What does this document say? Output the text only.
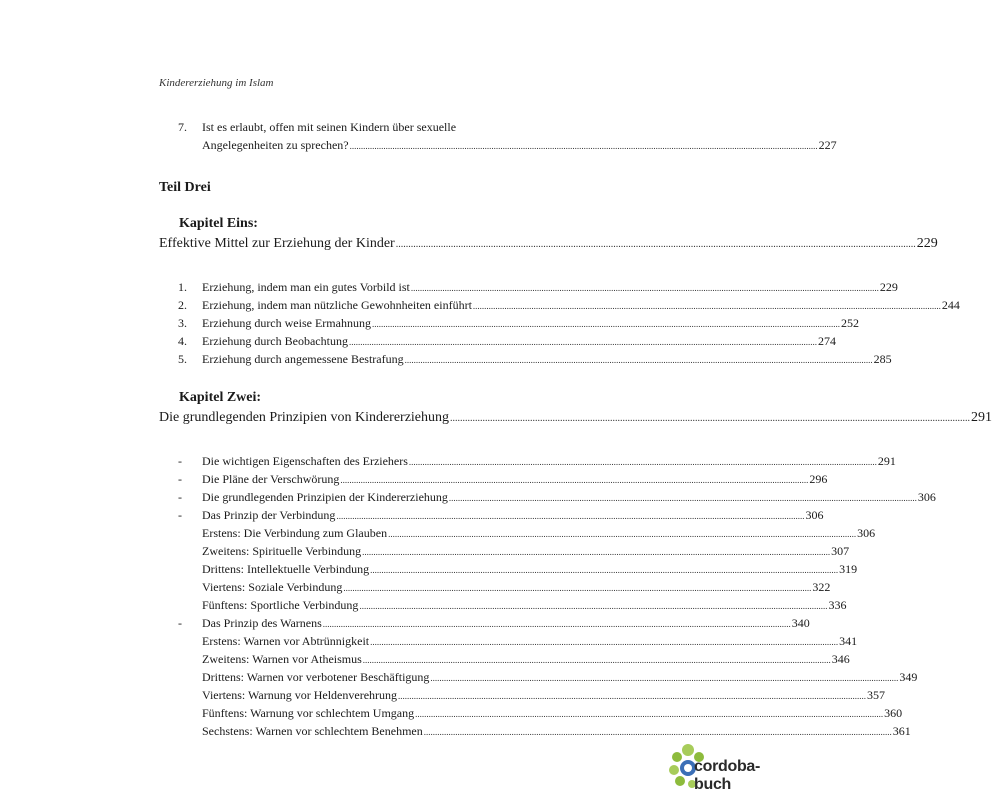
Kindererziehung im Islam
7.	Ist es erlaubt, offen mit seinen Kindern über sexuelle
Angelegenheiten zu sprechen? ................................................................................................................................................................................................................ 227
Teil Drei
Kapitel Eins:
Effektive Mittel zur Erziehung der Kinder ................................................................................................................................................................................................................ 229
1.	Erziehung, indem man ein gutes Vorbild ist ................................................................................................................................................................................................................ 229
2.	Erziehung, indem man nützliche Gewohnheiten einführt ................................................................................................................................................................................................................ 244
3.	Erziehung durch weise Ermahnung ................................................................................................................................................................................................................ 252
4.	Erziehung durch Beobachtung ................................................................................................................................................................................................................ 274
5.	Erziehung durch angemessene Bestrafung ................................................................................................................................................................................................................ 285
Kapitel Zwei:
Die grundlegenden Prinzipien von Kindererziehung ................................................................................................................................................................................................................ 291
-	Die wichtigen Eigenschaften des Erziehers ................................................................................................................................................................................................................ 291
-	Die Pläne der Verschwörung ................................................................................................................................................................................................................ 296
-	Die grundlegenden Prinzipien der Kindererziehung ................................................................................................................................................................................................................ 306
-	Das Prinzip der Verbindung ................................................................................................................................................................................................................ 306
Erstens: Die Verbindung zum Glauben ................................................................................................................................................................................................................ 306
Zweitens: Spirituelle Verbindung ................................................................................................................................................................................................................ 307
Drittens: Intellektuelle Verbindung ................................................................................................................................................................................................................ 319
Viertens: Soziale Verbindung ................................................................................................................................................................................................................ 322
Fünftens: Sportliche Verbindung ................................................................................................................................................................................................................ 336
-	Das Prinzip des Warnens ................................................................................................................................................................................................................ 340
Erstens: Warnen vor Abtrünnigkeit ................................................................................................................................................................................................................ 341
Zweitens: Warnen vor Atheismus ................................................................................................................................................................................................................ 346
Drittens: Warnen vor verbotener Beschäftigung ................................................................................................................................................................................................................ 349
Viertens: Warnung vor Heldenverehrung ................................................................................................................................................................................................................ 357
Fünftens: Warnung vor schlechtem Umgang ................................................................................................................................................................................................................ 360
Sechstens: Warnen vor schlechtem Benehmen ................................................................................................................................................................................................................ 361
cordoba-buch
